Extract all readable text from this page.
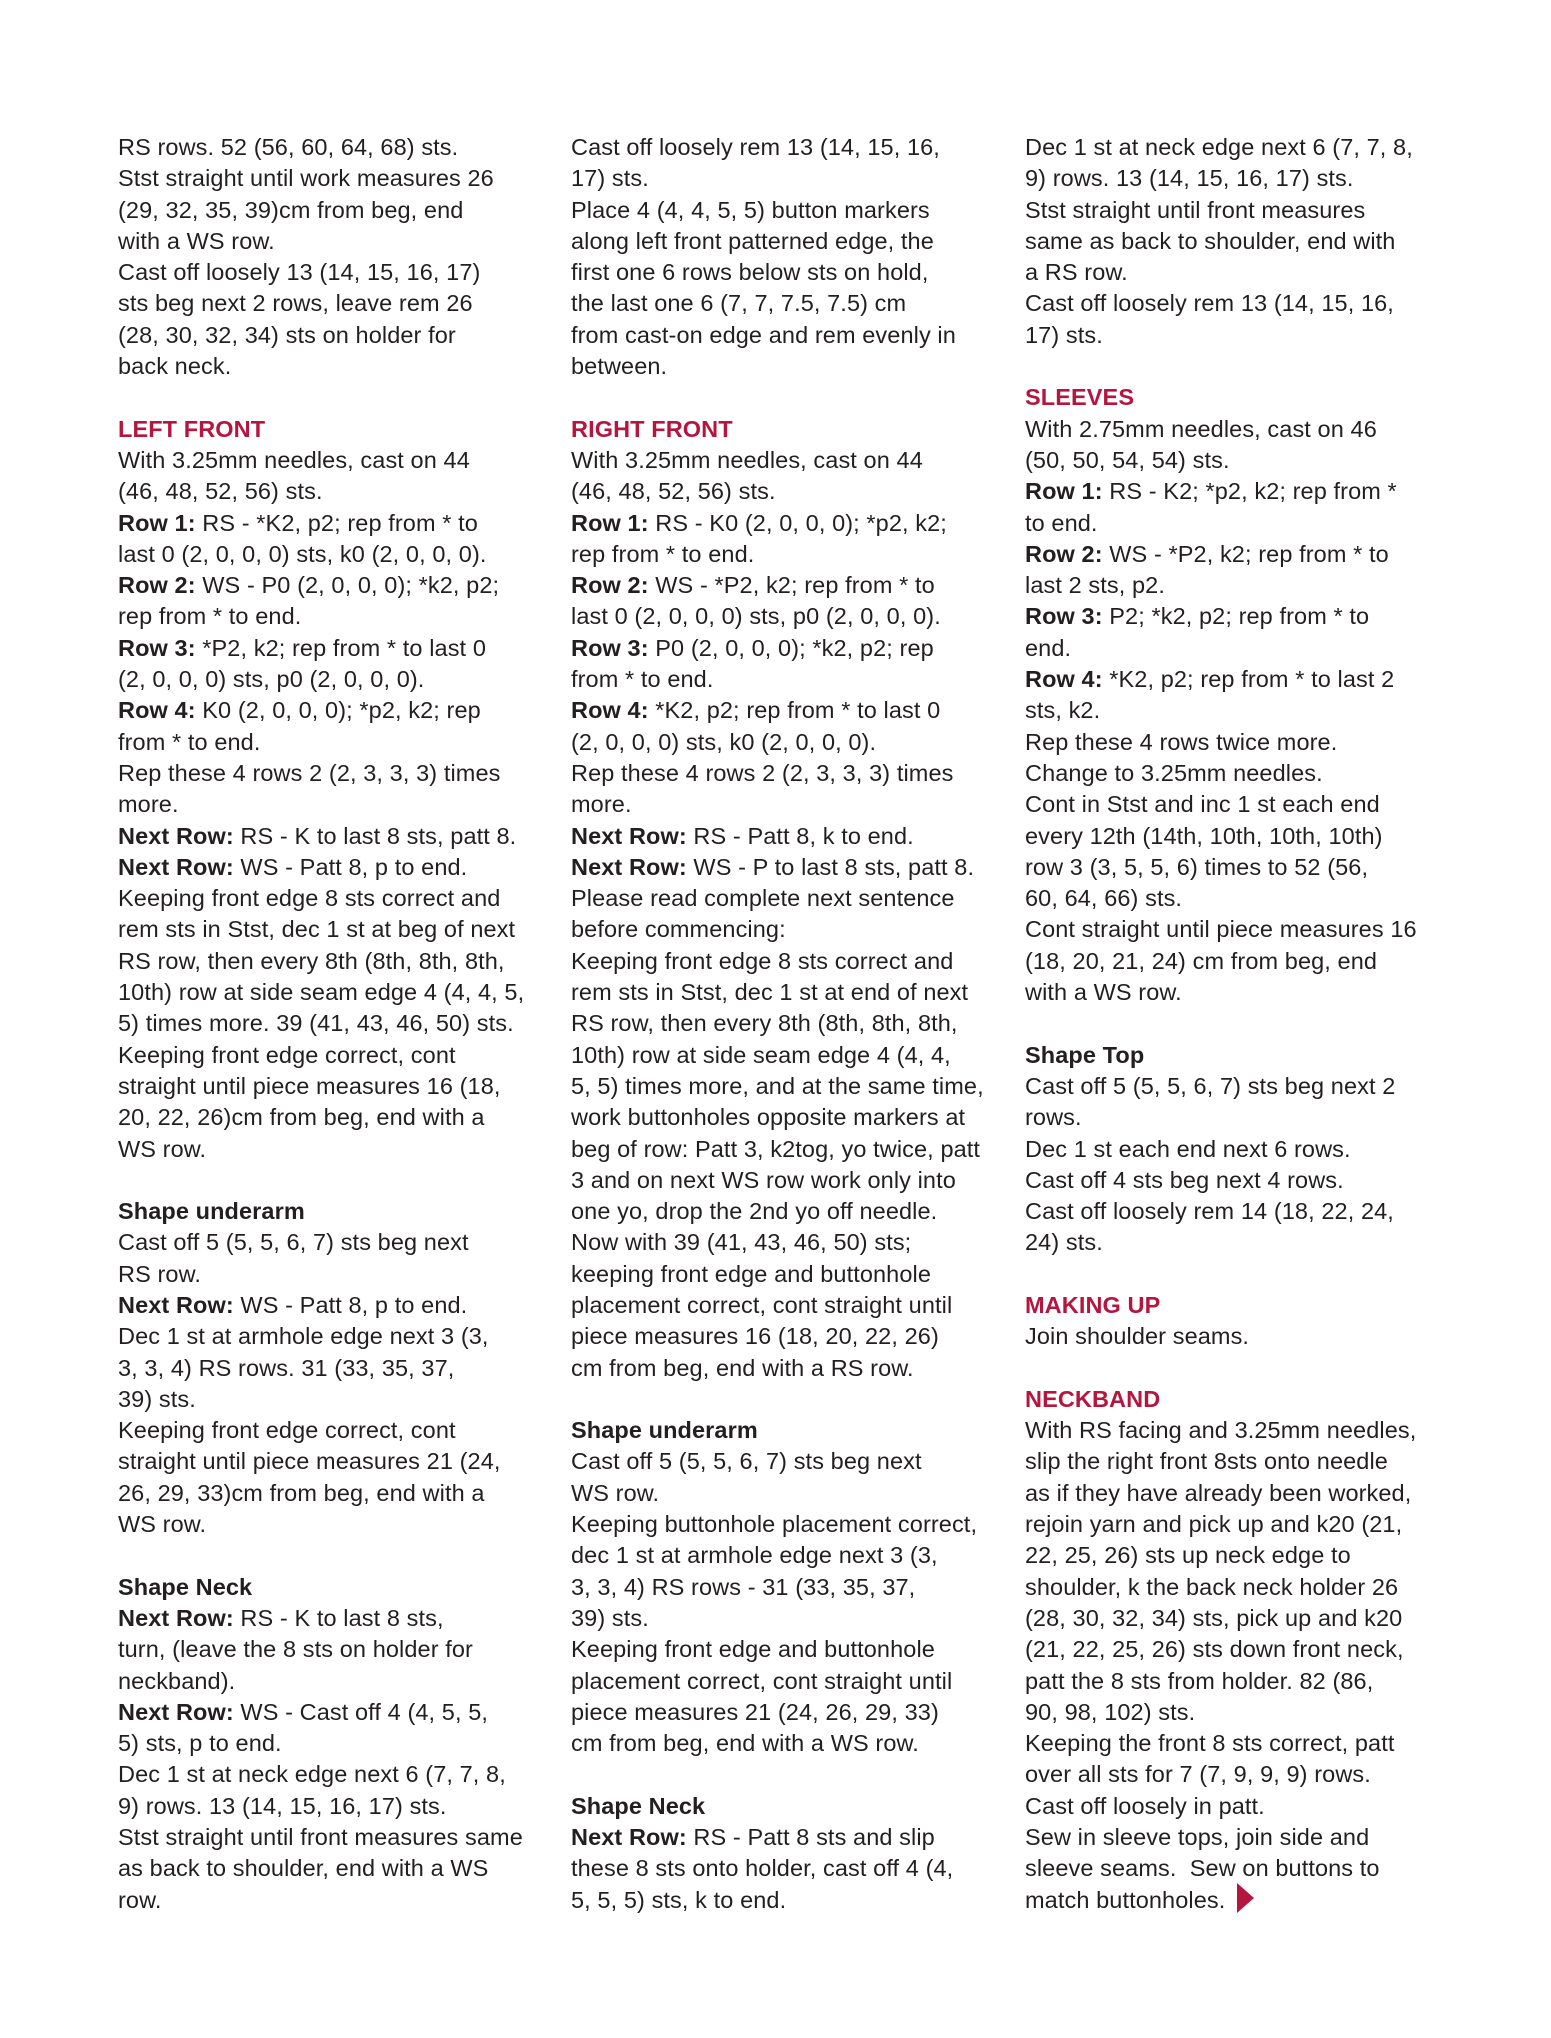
RS rows. 52 (56, 60, 64, 68) sts.
Stst straight until work measures 26
(29, 32, 35, 39)cm from beg, end
with a WS row.
Cast off loosely 13 (14, 15, 16, 17)
sts beg next 2 rows, leave rem 26
(28, 30, 32, 34) sts on holder for
back neck.
LEFT FRONT
With 3.25mm needles, cast on 44
(46, 48, 52, 56) sts.
Row 1: RS - *K2, p2; rep from * to
last 0 (2, 0, 0, 0) sts, k0 (2, 0, 0, 0).
Row 2: WS - P0 (2, 0, 0, 0); *k2, p2;
rep from * to end.
Row 3: *P2, k2; rep from * to last 0
(2, 0, 0, 0) sts, p0 (2, 0, 0, 0).
Row 4: K0 (2, 0, 0, 0); *p2, k2; rep
from * to end.
Rep these 4 rows 2 (2, 3, 3, 3) times
more.
Next Row: RS - K to last 8 sts, patt 8.
Next Row: WS - Patt 8, p to end.
Keeping front edge 8 sts correct and
rem sts in Stst, dec 1 st at beg of next
RS row, then every 8th (8th, 8th, 8th,
10th) row at side seam edge 4 (4, 4, 5,
5) times more. 39 (41, 43, 46, 50) sts.
Keeping front edge correct, cont
straight until piece measures 16 (18,
20, 22, 26)cm from beg, end with a
WS row.
Shape underarm
Cast off 5 (5, 5, 6, 7) sts beg next
RS row.
Next Row: WS - Patt 8, p to end.
Dec 1 st at armhole edge next 3 (3,
3, 3, 4) RS rows. 31 (33, 35, 37,
39) sts.
Keeping front edge correct, cont
straight until piece measures 21 (24,
26, 29, 33)cm from beg, end with a
WS row.
Shape Neck
Next Row: RS - K to last 8 sts,
turn, (leave the 8 sts on holder for
neckband).
Next Row: WS - Cast off 4 (4, 5, 5,
5) sts, p to end.
Dec 1 st at neck edge next 6 (7, 7, 8,
9) rows. 13 (14, 15, 16, 17) sts.
Stst straight until front measures same
as back to shoulder, end with a WS
row.
Cast off loosely rem 13 (14, 15, 16,
17) sts.
Place 4 (4, 4, 5, 5) button markers
along left front patterned edge, the
first one 6 rows below sts on hold,
the last one 6 (7, 7, 7.5, 7.5) cm
from cast-on edge and rem evenly in
between.
RIGHT FRONT
With 3.25mm needles, cast on 44
(46, 48, 52, 56) sts.
Row 1: RS - K0 (2, 0, 0, 0); *p2, k2;
rep from * to end.
Row 2: WS - *P2, k2; rep from * to
last 0 (2, 0, 0, 0) sts, p0 (2, 0, 0, 0).
Row 3: P0 (2, 0, 0, 0); *k2, p2; rep
from * to end.
Row 4: *K2, p2; rep from * to last 0
(2, 0, 0, 0) sts, k0 (2, 0, 0, 0).
Rep these 4 rows 2 (2, 3, 3, 3) times
more.
Next Row: RS - Patt 8, k to end.
Next Row: WS - P to last 8 sts, patt 8.
Please read complete next sentence
before commencing:
Keeping front edge 8 sts correct and
rem sts in Stst, dec 1 st at end of next
RS row, then every 8th (8th, 8th, 8th,
10th) row at side seam edge 4 (4, 4,
5, 5) times more, and at the same time,
work buttonholes opposite markers at
beg of row: Patt 3, k2tog, yo twice, patt
3 and on next WS row work only into
one yo, drop the 2nd yo off needle.
Now with 39 (41, 43, 46, 50) sts;
keeping front edge and buttonhole
placement correct, cont straight until
piece measures 16 (18, 20, 22, 26)
cm from beg, end with a RS row.
Shape underarm
Cast off 5 (5, 5, 6, 7) sts beg next
WS row.
Keeping buttonhole placement correct,
dec 1 st at armhole edge next 3 (3,
3, 3, 4) RS rows - 31 (33, 35, 37,
39) sts.
Keeping front edge and buttonhole
placement correct, cont straight until
piece measures 21 (24, 26, 29, 33)
cm from beg, end with a WS row.
Shape Neck
Next Row: RS - Patt 8 sts and slip
these 8 sts onto holder, cast off 4 (4,
5, 5, 5) sts, k to end.
Dec 1 st at neck edge next 6 (7, 7, 8,
9) rows. 13 (14, 15, 16, 17) sts.
Stst straight until front measures
same as back to shoulder, end with
a RS row.
Cast off loosely rem 13 (14, 15, 16,
17) sts.
SLEEVES
With 2.75mm needles, cast on 46
(50, 50, 54, 54) sts.
Row 1: RS - K2; *p2, k2; rep from *
to end.
Row 2: WS - *P2, k2; rep from * to
last 2 sts, p2.
Row 3: P2; *k2, p2; rep from * to
end.
Row 4: *K2, p2; rep from * to last 2
sts, k2.
Rep these 4 rows twice more.
Change to 3.25mm needles.
Cont in Stst and inc 1 st each end
every 12th (14th, 10th, 10th, 10th)
row 3 (3, 5, 5, 6) times to 52 (56,
60, 64, 66) sts.
Cont straight until piece measures 16
(18, 20, 21, 24) cm from beg, end
with a WS row.
Shape Top
Cast off 5 (5, 5, 6, 7) sts beg next 2
rows.
Dec 1 st each end next 6 rows.
Cast off 4 sts beg next 4 rows.
Cast off loosely rem 14 (18, 22, 24,
24) sts.
MAKING UP
Join shoulder seams.
NECKBAND
With RS facing and 3.25mm needles,
slip the right front 8sts onto needle
as if they have already been worked,
rejoin yarn and pick up and k20 (21,
22, 25, 26) sts up neck edge to
shoulder, k the back neck holder 26
(28, 30, 32, 34) sts, pick up and k20
(21, 22, 25, 26) sts down front neck,
patt the 8 sts from holder. 82 (86,
90, 98, 102) sts.
Keeping the front 8 sts correct, patt
over all sts for 7 (7, 9, 9, 9) rows.
Cast off loosely in patt.
Sew in sleeve tops, join side and
sleeve seams.  Sew on buttons to
match buttonholes.
